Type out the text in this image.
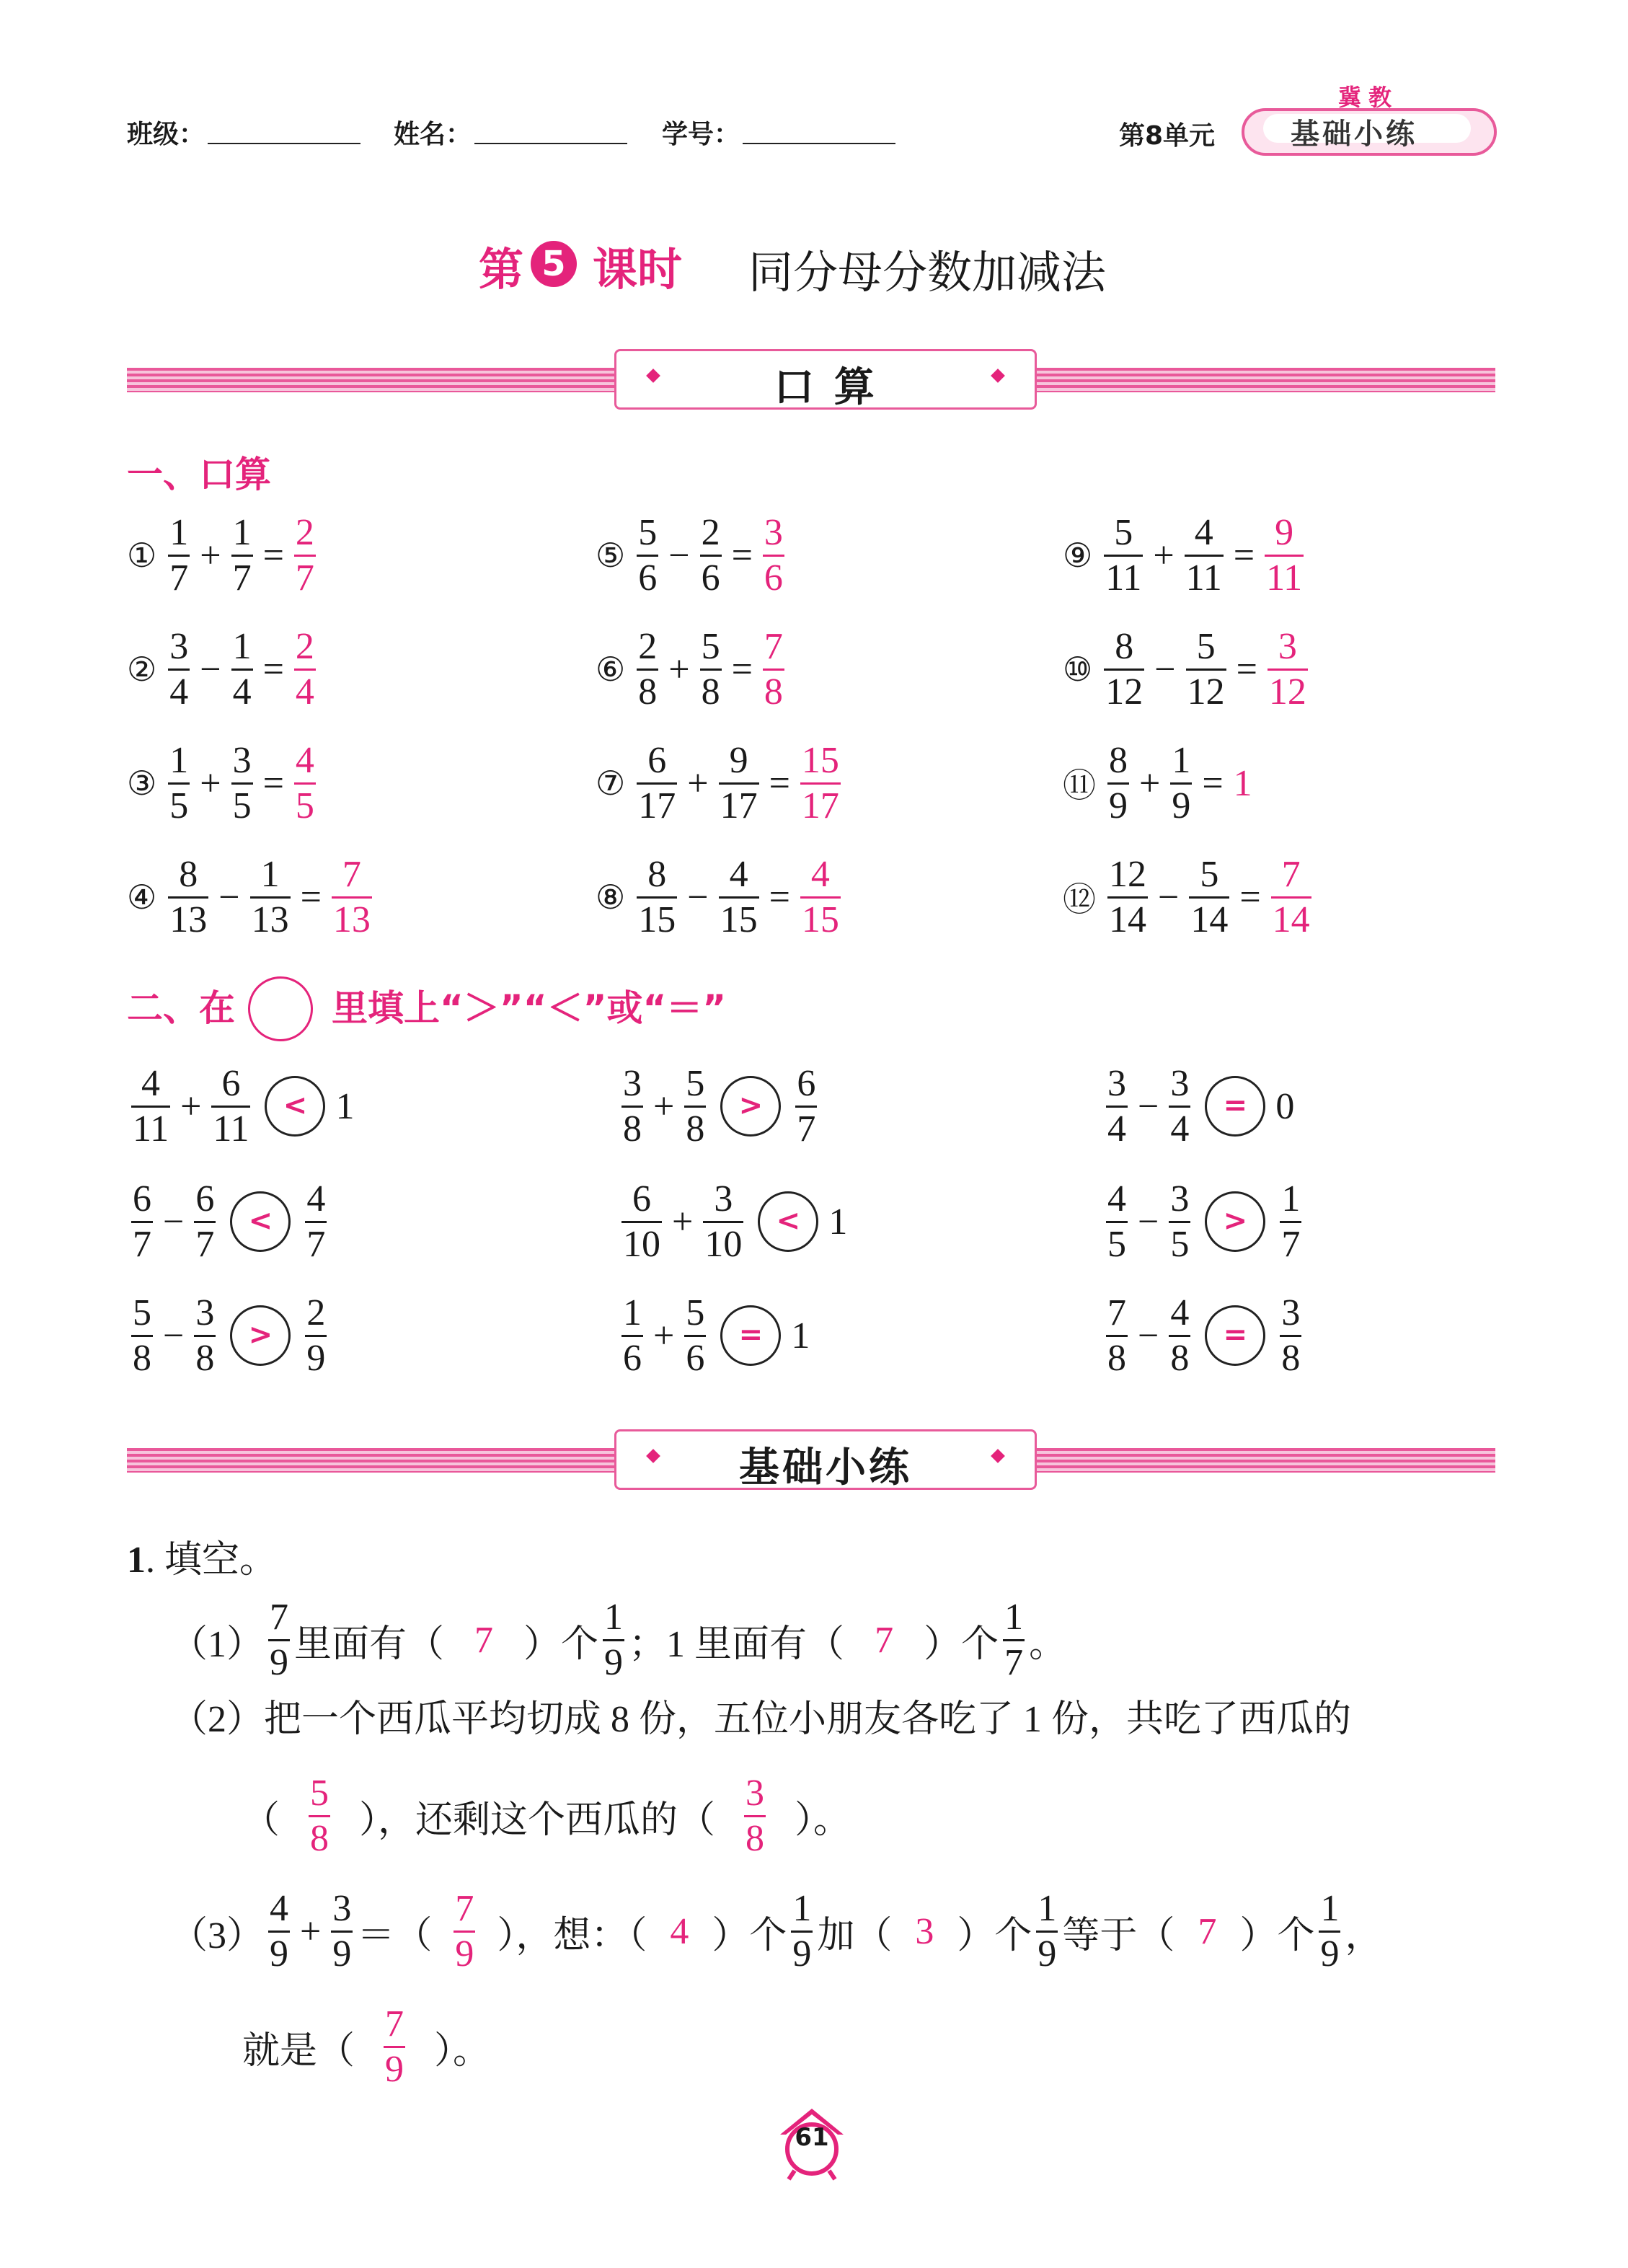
班级：	姓名：	学号：	第8单元
冀教
基础小练
第 5 课时 同分母分数加减法
口 算
一、口算
① $\frac{1}{7} + \frac{1}{7} = \frac{2}{7}$
② $\frac{3}{4} - \frac{1}{4} = \frac{2}{4}$
③ $\frac{1}{5} + \frac{3}{5} = \frac{4}{5}$
④ $\frac{8}{13} - \frac{1}{13} = \frac{7}{13}$
⑤ $\frac{5}{6} - \frac{2}{6} = \frac{3}{6}$
⑥ $\frac{2}{8} + \frac{5}{8} = \frac{7}{8}$
⑦ $\frac{6}{17} + \frac{9}{17} = \frac{15}{17}$
⑧ $\frac{8}{15} - \frac{4}{15} = \frac{4}{15}$
⑨ $\frac{5}{11} + \frac{4}{11} = \frac{9}{11}$
⑩ $\frac{8}{12} - \frac{5}{12} = \frac{3}{12}$
⑪ $\frac{8}{9} + \frac{1}{9} = 1$
⑫ $\frac{12}{14} - \frac{5}{14} = \frac{7}{14}$
二、在	里填上“＞”“＜”或“＝”
$\frac{4}{11} + \frac{6}{11}$	< 1
$\frac{6}{7} - \frac{6}{7}$	< $\frac{4}{7}$
$\frac{5}{8} - \frac{3}{8}$	> $\frac{2}{9}$
$\frac{3}{8} + \frac{5}{8}$	> $\frac{6}{7}$
$\frac{6}{10} + \frac{3}{10}$	< 1
$\frac{1}{6} + \frac{5}{6}$	= 1
$\frac{3}{4} - \frac{3}{4}$	= 0
$\frac{4}{5} - \frac{3}{5}$	> $\frac{1}{7}$
$\frac{7}{8} - \frac{4}{8}$	= $\frac{3}{8}$
基础小练
1. 填空。
$(1) \frac{7}{9}$ 里面有（ 7 ）个 $\frac{1}{9}$ ；1 里面有（ 7 ）个 $\frac{1}{7}$ 。
（2） 把一个西瓜平均切成 8 份，五位小朋友各吃了 1 份，共吃了西瓜的
（ $\frac{5}{8}$ ），还剩这个西瓜的（ $\frac{3}{8}$ ）。
$(3) \frac{4}{9} + \frac{3}{9}$ ＝（ $\frac{7}{9}$ ），想：（ 4 ）个 $\frac{1}{9}$ 加（ 3 ）个 $\frac{1}{9}$ 等于（ 7 ）个 $\frac{1}{9}$ ，
就是（ $\frac{7}{9}$ ）。
61
